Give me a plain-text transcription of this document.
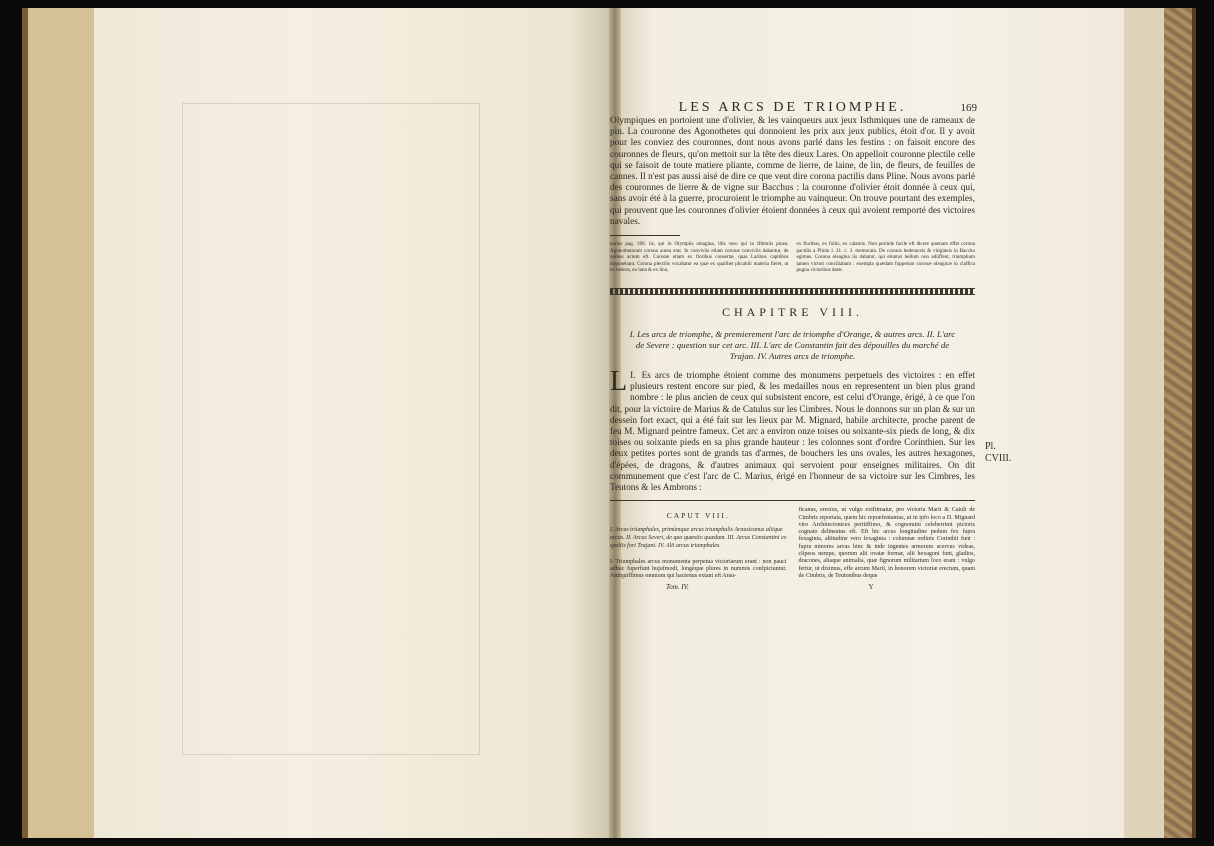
LES ARCS DE TRIOMPHE.	169

Olympiques en portoient une d'olivier, & les vainqueurs aux jeux Isthmiques une de rameaux de pin. La couronne des Agonothetes qui donnoient les prix aux jeux publics, étoit d'or. Il y avoit pour les conviez des couronnes, dont nous avons parlé dans les festins : on faisoit encore des couronnes de fleurs, qu'on mettoit sur la tête des dieux Lares. On appelloit couronne plectile celle qui se faisoit de toute matiere pliante, comme de lierre, de laine, de lin, de fleurs, de feuilles de cannes. Il n'est pas aussi aisé de dire ce que veut dire corona pactilis dans Pline. Nous avons parlé des couronnes de lierre & de vigne sur Bacchus : la couronne d'olivier étoit donnée à ceux qui, sans avoir été à la guerre, procuroient le triomphe au vainqueur. On trouve pourtant des exemples, qui prouvent que les couronnes d'olivier étoient données à ceux qui avoient remporté des victoires navales.

narios pag. 398. iis, qui in Olympiis oleagina, illis vero qui in Ifthmiis pinea. Agonothetarum corona aurea erat. In conviviis etiam coronæ conviviis dabantur, de quibus actum eft. Coronæ etiam ex floribus consertæ, quas Laribus capitibus imponebant. Corona plectilis vocabatur ea quæ ex qualibet plicabili materia fieret, ut ex hedera, ex lana & ex lino,

ex floribus, ex foliis, ex calamis. Non perinde facile eft dicere quænam effet corona pactilis a Plinio l. 21. c. 3. memorata. De coronis hederaceis & vitigineis in Baccho egimus. Corona oleagina iis dabatur, qui etiamsi bellum non adiiffent, triumphum tamen victori conciliabant : exempla quædam fuppetunt coronæ oleaginæ in claffica pugna victoribus datæ.

CHAPITRE VIII.

I. Les arcs de triomphe, & premierement l'arc de triomphe d'Orange, & autres arcs. II. L'arc de Severe : question sur cet arc. III. L'arc de Constantin fait des dépouilles du marché de Trajan. IV. Autres arcs de triomphe.

I.
L Es arcs de triomphe étoient comme des monumens perpetuels des victoires : en effet plusieurs restent encore sur pied, & les medailles nous en representent un bien plus grand nombre : le plus ancien de ceux qui subsistent encore, est celui d'Orange, érigé, à ce que l'on dit, pour la victoire de Marius & de Catulus sur les Cimbres. Nous le donnons sur un plan & sur un dessein fort exact, qui a été fait sur les lieux par M. Mignard, habile architecte, proche parent de feu M. Mignard peintre fameux. Cet arc a environ onze toises ou soixante-six pieds de long, & dix toises ou soixante pieds en sa plus grande hauteur : les colonnes sont d'ordre Corinthien. Sur les deux petites portes sont de grands tas d'armes, de bouchers les uns ovales, les autres hexagones, d'épées, de dragons, & d'autres animaux qui servoient pour enseignes militaires. On dit communement que c'est l'arc de C. Marius, érigé en l'honneur de sa victoire sur les Cimbres, les Teutons & les Ambrons :

CAPUT VIII.

I. Arcus triumphales, primùmque arcus triumphalis Arausicanus aliique arcus. II. Arcus Severi, de quo quæstio quædam. III. Arcus Constantini ex spoliis fori Trajani. IV. Alii arcus triumphales.

I. Triumphales arcus monumenta perpetua victoriarum erant : non pauci adhuc fuperfunt hujufmodi, longèque plures in nummis confpiciuntur. Antiquiffimus omnium qui hactenus extant eft Arau-

Tom. IV.

ficanus, erectus, ut vulgo exiftimatur, pro victoria Marii & Catuli de Cimbris reportata, quem hic repræfentamus, ut in ipfo loco a D. Mignard viro Architectonices peritiffimo, & cognomini celeberrimi pictoris cognato delineatus eft. Eft hic arcus longitudine pedum fex fupra fexaginta, altitudine vero fexaginta : columnæ ordinis Corinthii funt : fupra minores arcus hinc & inde ingentes armorum acervus videas, clipeos nempe, quorum alii ovatæ formæ, alii hexagoni funt, gladios, dracones, aliaque animalia, quæ fignorum militarium loco erant : vulgo fertur, ut diximus, effe arcum Marii, in honorem victoriæ erectum, quam de Cimbris, de Teutonibus deque

Y
Pl.
CVIII.
